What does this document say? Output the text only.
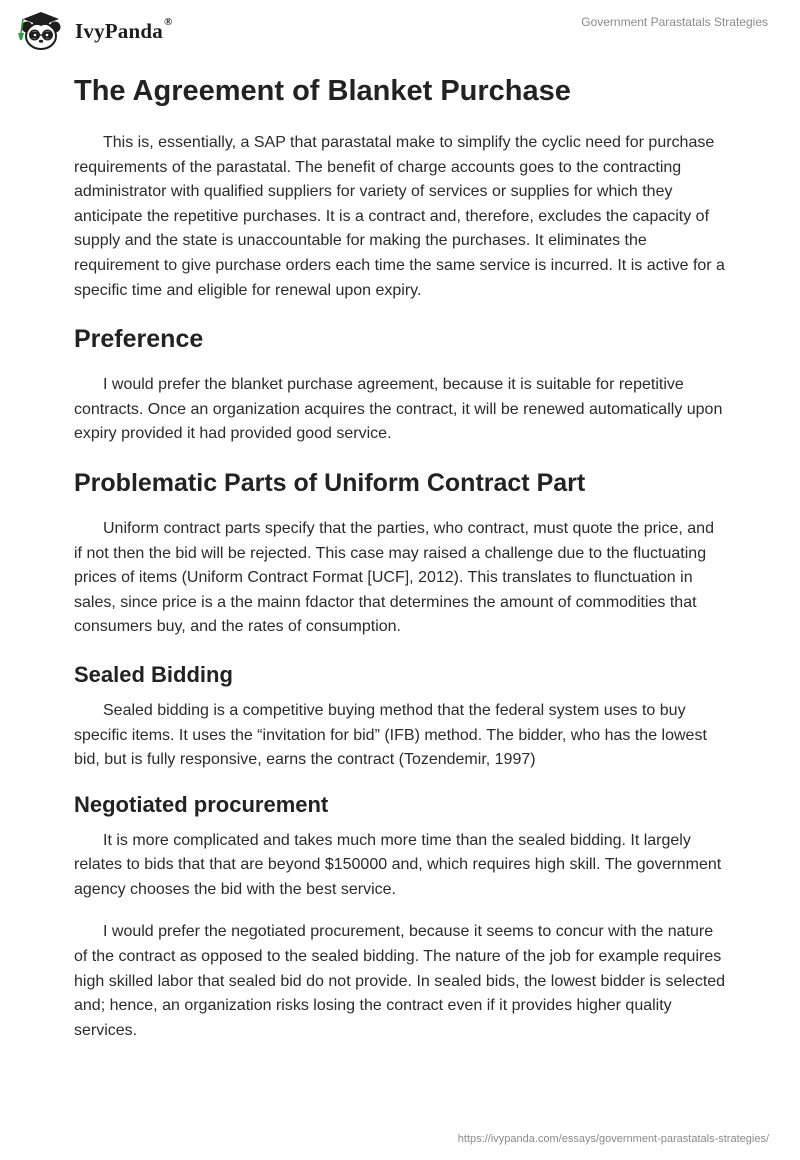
IvyPanda®	Government Parastatals Strategies
The Agreement of Blanket Purchase

This is, essentially, a SAP that parastatal make to simplify the cyclic need for purchase requirements of the parastatal. The benefit of charge accounts goes to the contracting administrator with qualified suppliers for variety of services or supplies for which they anticipate the repetitive purchases. It is a contract and, therefore, excludes the capacity of supply and the state is unaccountable for making the purchases. It eliminates the requirement to give purchase orders each time the same service is incurred. It is active for a specific time and eligible for renewal upon expiry.

Preference

I would prefer the blanket purchase agreement, because it is suitable for repetitive contracts. Once an organization acquires the contract, it will be renewed automatically upon expiry provided it had provided good service.

Problematic Parts of Uniform Contract Part

Uniform contract parts specify that the parties, who contract, must quote the price, and if not then the bid will be rejected. This case may raised a challenge due to the fluctuating prices of items (Uniform Contract Format [UCF], 2012). This translates to flunctuation in sales, since price is a the mainn fdactor that determines the amount of commodities that consumers buy, and the rates of consumption.

Sealed Bidding

Sealed bidding is a competitive buying method that the federal system uses to buy specific items. It uses the “invitation for bid” (IFB) method. The bidder, who has the lowest bid, but is fully responsive, earns the contract (Tozendemir, 1997)

Negotiated procurement

It is more complicated and takes much more time than the sealed bidding. It largely relates to bids that that are beyond $150000 and, which requires high skill. The government agency chooses the bid with the best service.

I would prefer the negotiated procurement, because it seems to concur with the nature of the contract as opposed to the sealed bidding. The nature of the job for example requires high skilled labor that sealed bid do not provide. In sealed bids, the lowest bidder is selected and; hence, an organization risks losing the contract even if it provides higher quality services.

https://ivypanda.com/essays/government-parastatals-strategies/
